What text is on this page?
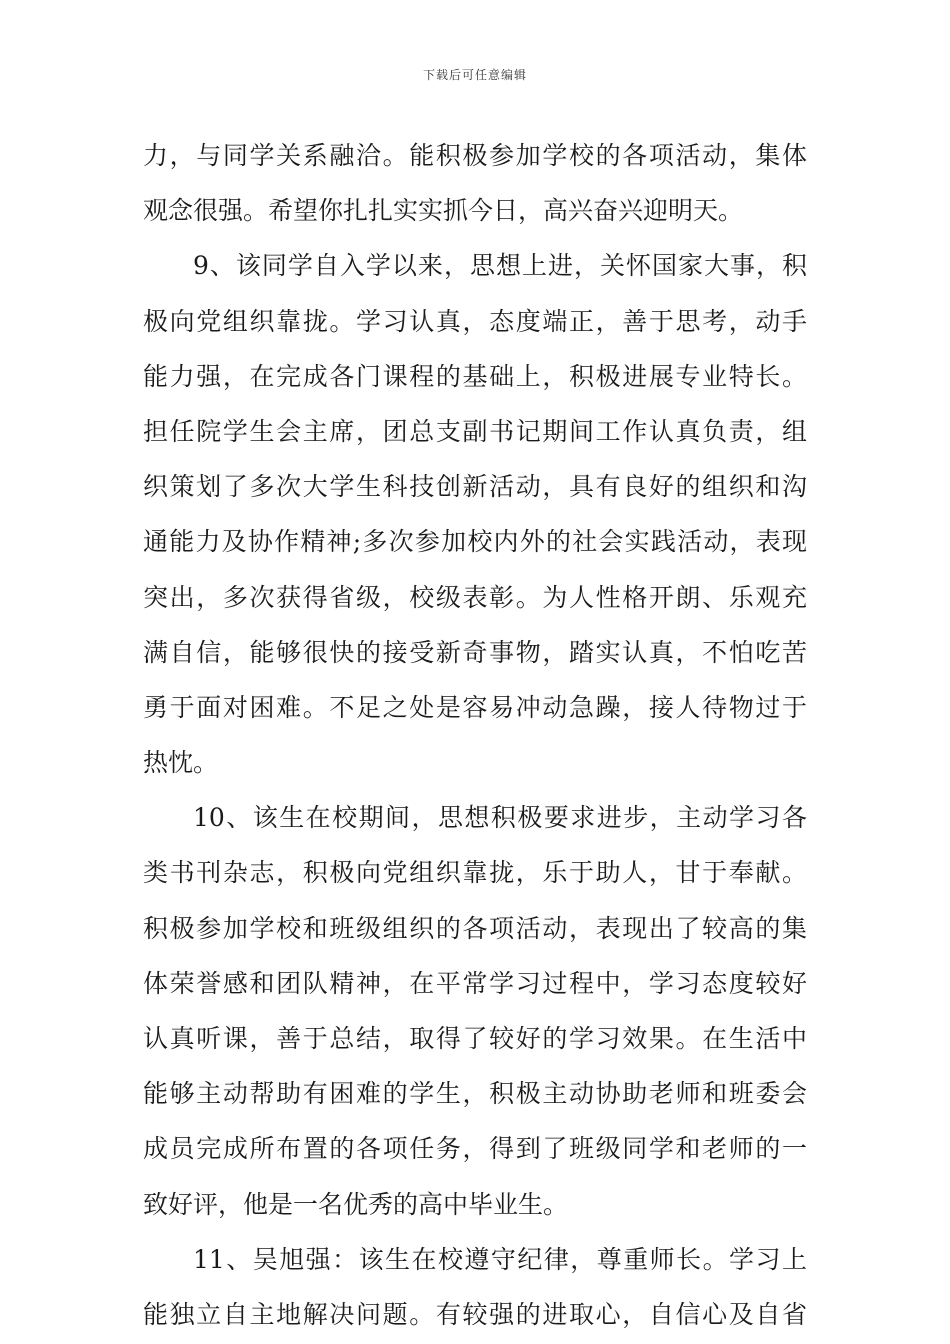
下载后可任意编辑
力，与同学关系融洽。能积极参加学校的各项活动，集体
观念很强。希望你扎扎实实抓今日，高兴奋兴迎明天。
9、该同学自入学以来，思想上进，关怀国家大事，积
极向党组织靠拢。学习认真，态度端正，善于思考，动手
能力强，在完成各门课程的基础上，积极进展专业特长。
担任院学生会主席，团总支副书记期间工作认真负责，组
织策划了多次大学生科技创新活动，具有良好的组织和沟
通能力及协作精神;多次参加校内外的社会实践活动，表现
突出，多次获得省级，校级表彰。为人性格开朗、乐观充
满自信，能够很快的接受新奇事物，踏实认真，不怕吃苦
勇于面对困难。不足之处是容易冲动急躁，接人待物过于
热忱。
10、该生在校期间，思想积极要求进步，主动学习各
类书刊杂志，积极向党组织靠拢，乐于助人，甘于奉献。
积极参加学校和班级组织的各项活动，表现出了较高的集
体荣誉感和团队精神，在平常学习过程中，学习态度较好
认真听课，善于总结，取得了较好的学习效果。在生活中
能够主动帮助有困难的学生，积极主动协助老师和班委会
成员完成所布置的各项任务，得到了班级同学和老师的一
致好评，他是一名优秀的高中毕业生。
11、吴旭强：该生在校遵守纪律，尊重师长。学习上
能独立自主地解决问题。有较强的进取心，自信心及自省
